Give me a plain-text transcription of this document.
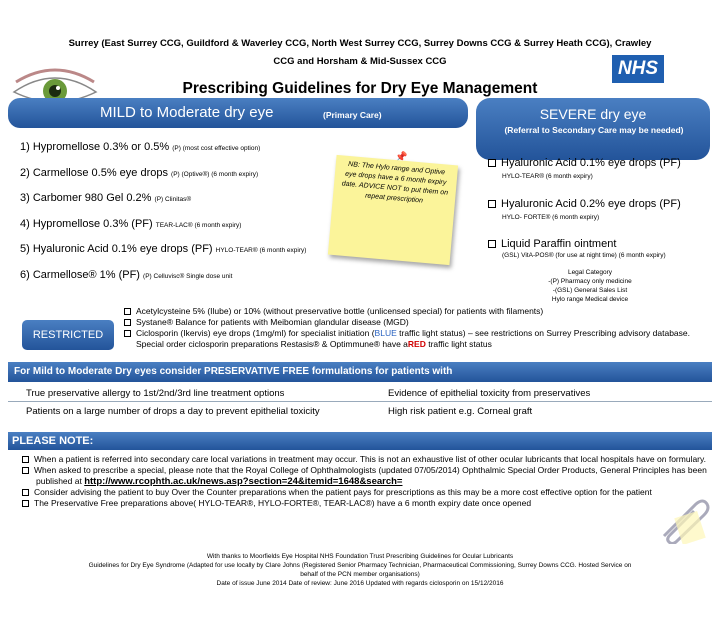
Surrey (East Surrey CCG, Guildford & Waverley CCG, North West Surrey CCG, Surrey Downs CCG & Surrey Heath CCG), Crawley
CCG and Horsham & Mid-Sussex CCG	NHS
Prescribing Guidelines for Dry Eye Management
MILD to Moderate dry eye	(Primary Care)	SEVERE dry eye
(Referral to Secondary Care may be needed)
1) Hypromellose 0.3% or 0.5% (P) (most cost effective option)
2) Carmellose 0.5% eye drops (P) (Optive®) (6 month expiry)
3) Carbomer 980 Gel 0.2% (P) Clinitas®
4) Hypromellose 0.3% (PF) TEAR-LAC® (6 month expiry)
5) Hyaluronic Acid 0.1% eye drops (PF) HYLO-TEAR® (6 month expiry)
6) Carmellose® 1% (PF) (P) Celluvisc® Single dose unit
📌
NB: The Hylo range and Optive eye drops have a 6 month expiry date. ADVICE NOT to put them on repeat prescription
Hyaluronic Acid 0.1% eye drops (PF)
HYLO-TEAR® (6 month expiry)
Hyaluronic Acid 0.2% eye drops (PF)
HYLO- FORTE® (6 month expiry)
Liquid Paraffin ointment
(GSL) VitA-POS® (for use at night time) (6 month expiry)
Legal Category
-(P) Pharmacy only medicine
-(GSL) General Sales List
Hylo range Medical device
RESTRICTED
Acetylcysteine 5% (Ilube) or 10% (without preservative bottle (unlicensed special) for patients with filaments)
Systane® Balance for patients with Meibomian glandular disease (MGD)
Ciclosporin (Ikervis) eye drops (1mg/ml) for specialist initiation (BLUE traffic light status) – see restrictions on Surrey Prescribing advisory database. Special order ciclosporin preparations Restasis® & Optimmune® have aRED traffic light status
For Mild to Moderate Dry eyes consider PRESERVATIVE FREE formulations for patients with
True preservative allergy to 1st/2nd/3rd line treatment options	Evidence of epithelial toxicity from preservatives
Patients on a large number of drops a day to prevent epithelial toxicity	High risk patient e.g. Corneal graft
PLEASE NOTE:
When a patient is referred into secondary care local variations in treatment may occur. This is not an exhaustive list of other ocular lubricants that local hospitals have on formulary.
When asked to prescribe a special, please note that the Royal College of Ophthalmologists (updated 07/05/2014) Ophthalmic Special Order Products, General Principles has been published at http://www.rcophth.ac.uk/news.asp?section=24&itemid=1648&search=
Consider advising the patient to buy Over the Counter preparations when the patient pays for prescriptions as this may be a more cost effective option for the patient
The Preservative Free preparations above( HYLO-TEAR®, HYLO-FORTE®, TEAR-LAC®) have a 6 month expiry date once opened
With thanks to Moorfields Eye Hospital NHS Foundation Trust Prescribing Guidelines for Ocular Lubricants
Guidelines for Dry Eye Syndrome (Adapted for use locally by Clare Johns (Registered Senior Pharmacy Technician, Pharmaceutical Commissioning, Surrey Downs CCG. Hosted Service on
behalf of the PCN member organisations)
Date of issue June 2014 Date of review: June 2016 Updated with regards ciclosporin on 15/12/2016
